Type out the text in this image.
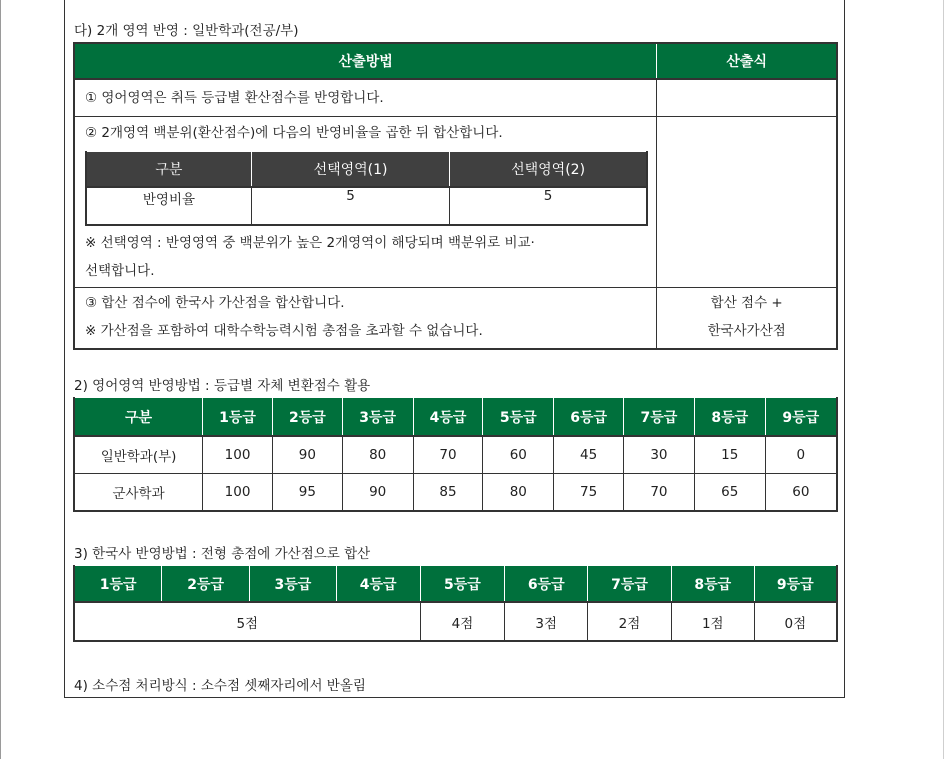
다) 2개 영역 반영 : 일반학과(전공/부)
산출방법	산출식

① 영어영역은 취득 등급별 환산점수를 반영합니다.

② 2개영역 백분위(환산점수)에 다음의 반영비율을 곱한 뒤 합산합니다.
구분	선택영역(1)	선택영역(2)
반영비율	5	5
※ 선택영역 : 반영영역 중 백분위가 높은 2개영역이 해당되며 백분위로 비교·
선택합니다.

③ 합산 점수에 한국사 가산점을 합산합니다.
※ 가산점을 포함하여 대학수학능력시험 총점을 초과할 수 없습니다.

합산 점수 +
한국사가산점
2) 영어영역 반영방법 : 등급별 자체 변환점수 활용
구분	1등급	2등급	3등급	4등급	5등급	6등급	7등급	8등급	9등급
일반학과(부)	100	90	80	70	60	45	30	15	0
군사학과	100	95	90	85	80	75	70	65	60
3) 한국사 반영방법 : 전형 총점에 가산점으로 합산
1등급	2등급	3등급	4등급	5등급	6등급	7등급	8등급	9등급
5점				4점	3점	2점	1점	0점
4) 소수점 처리방식 : 소수점 셋째자리에서 반올림
